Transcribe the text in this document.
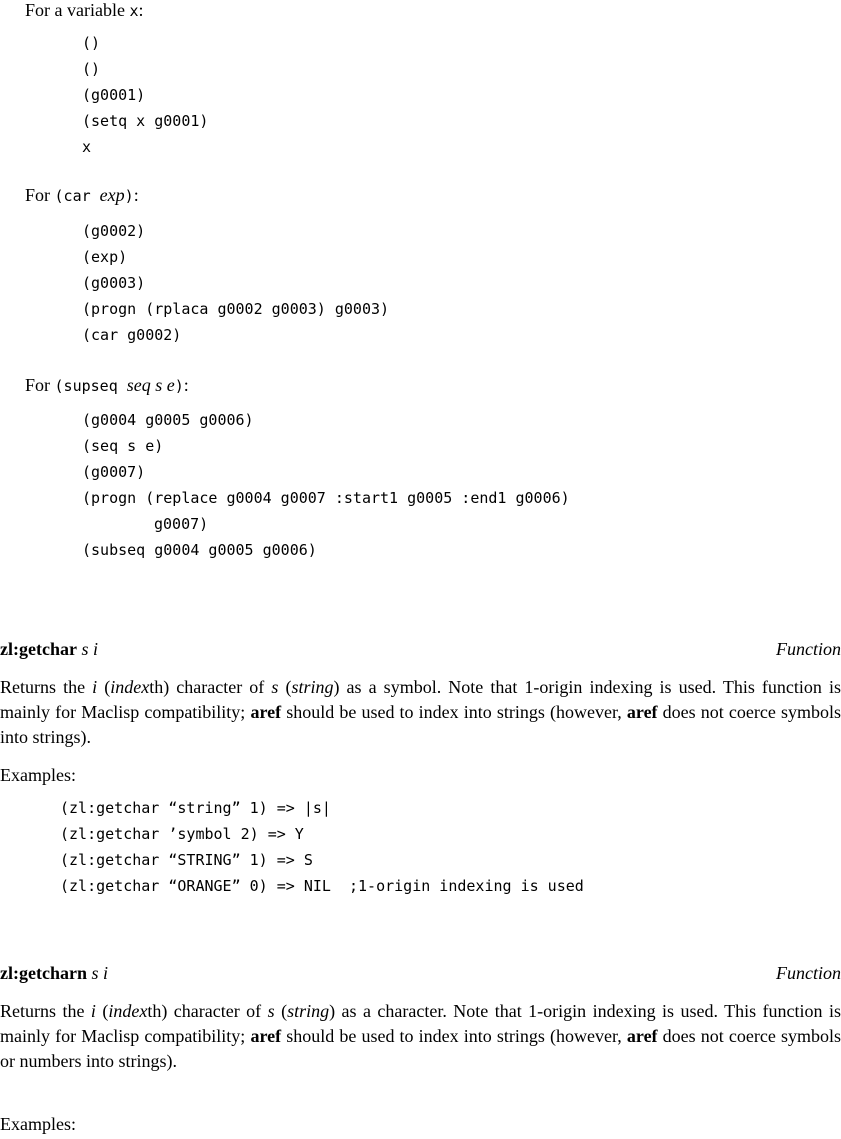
For a variable x:
()
()
(g0001)
(setq x g0001)
x
For (car exp):
(g0002)
(exp)
(g0003)
(progn (rplaca g0002 g0003) g0003)
(car g0002)
For (supseq seq s e):
(g0004 g0005 g0006)
(seq s e)
(g0007)
(progn (replace g0004 g0007 :start1 g0005 :end1 g0006)
g0007)
(subseq g0004 g0005 g0006)
zl:getchar s i	Function
Returns the i (indexth) character of s (string) as a symbol. Note that 1-origin indexing is used. This function is mainly for Maclisp compatibility; aref should be used to index into strings (however, aref does not coerce symbols into strings).
Examples:
(zl:getchar “string” 1) => |s|
(zl:getchar ’symbol 2) => Y
(zl:getchar “STRING” 1) => S
(zl:getchar “ORANGE” 0) => NIL  ;1-origin indexing is used
zl:getcharn s i	Function
Returns the i (indexth) character of s (string) as a character. Note that 1-origin indexing is used. This function is mainly for Maclisp compatibility; aref should be used to index into strings (however, aref does not coerce symbols or numbers into strings).
Examples:
